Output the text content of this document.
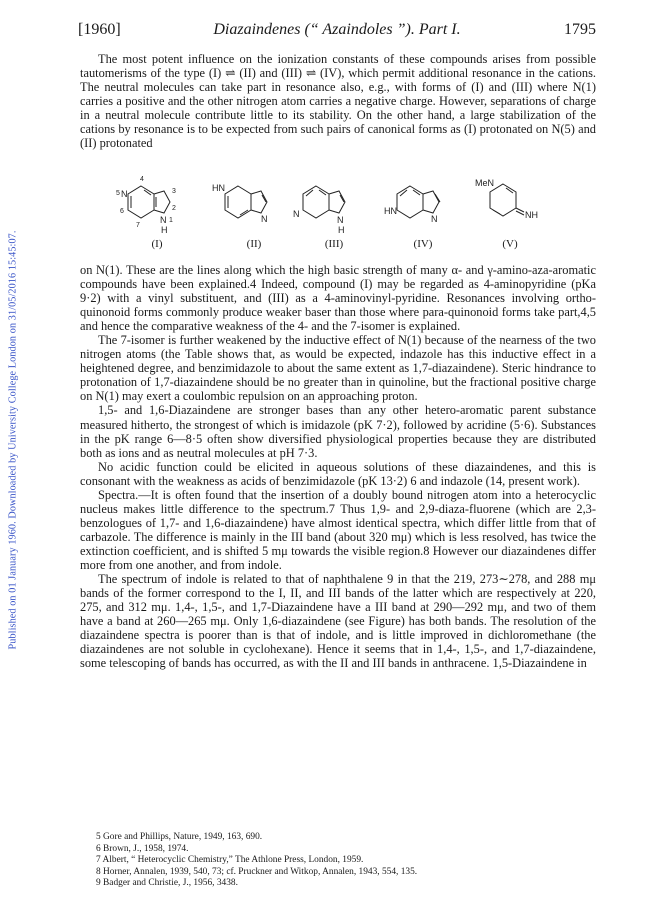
Published on 01 January 1960. Downloaded by University College London on 31/05/2016 15:45:07.
[1960]	Diazaindenes (“ Azaindoles ”). Part I.	1795

The most potent influence on the ionization constants of these compounds arises from possible tautomerisms of the type (I) ⇌ (II) and (III) ⇌ (IV), which permit additional resonance in the cations. The neutral molecules can take part in resonance also, e.g., with forms of (I) and (III) where N(1) carries a positive and the other nitrogen atom carries a negative charge. However, separations of charge in a neutral molecule contribute little to its stability. On the other hand, a large stabilization of the cations by resonance is to be expected from such pairs of canonical forms as (I) protonated on N(5) and (II) protonated

4
N
5
6
7
3
2
N 1
H
HN
N	N
N
H
HN
N
MeN
NH
(I)	(II)	(III)	(IV)	(V)

on N(1). These are the lines along which the high basic strength of many α- and γ-amino-aza-aromatic compounds have been explained.4 Indeed, compound (I) may be regarded as 4-aminopyridine (pKa 9·2) with a vinyl substituent, and (III) as a 4-aminovinyl-pyridine. Resonances involving ortho-quinonoid forms commonly produce weaker baser than those where para-quinonoid forms take part,4,5 and hence the comparative weakness of the 4- and the 7-isomer is explained.

The 7-isomer is further weakened by the inductive effect of N(1) because of the nearness of the two nitrogen atoms (the Table shows that, as would be expected, indazole has this inductive effect in a heightened degree, and benzimidazole to about the same extent as 1,7-diazaindene). Steric hindrance to protonation of 1,7-diazaindene should be no greater than in quinoline, but the fractional positive charge on N(1) may exert a coulombic repulsion on an approaching proton.

1,5- and 1,6-Diazaindene are stronger bases than any other hetero-aromatic parent substance measured hitherto, the strongest of which is imidazole (pK 7·2), followed by acridine (5·6). Substances in the pK range 6—8·5 often show diversified physiological properties because they are distributed both as ions and as neutral molecules at pH 7·3.

No acidic function could be elicited in aqueous solutions of these diazaindenes, and this is consonant with the weakness as acids of benzimidazole (pK 13·2) 6 and indazole (14, present work).

Spectra.—It is often found that the insertion of a doubly bound nitrogen atom into a heterocyclic nucleus makes little difference to the spectrum.7 Thus 1,9- and 2,9-diaza-fluorene (which are 2,3-benzologues of 1,7- and 1,6-diazaindene) have almost identical spectra, which differ little from that of carbazole. The difference is mainly in the III band (about 320 mμ) which is less resolved, has twice the extinction coefficient, and is shifted 5 mμ towards the visible region.8 However our diazaindenes differ more from one another, and from indole.

The spectrum of indole is related to that of naphthalene 9 in that the 219, 273∼278, and 288 mμ bands of the former correspond to the I, II, and III bands of the latter which are respectively at 220, 275, and 312 mμ. 1,4-, 1,5-, and 1,7-Diazaindene have a III band at 290—292 mμ, and two of them have a band at 260—265 mμ. Only 1,6-diazaindene (see Figure) has both bands. The resolution of the diazaindene spectra is poorer than is that of indole, and is little improved in dichloromethane (the diazaindenes are not soluble in cyclohexane). Hence it seems that in 1,4-, 1,5-, and 1,7-diazaindene, some telescoping of bands has occurred, as with the II and III bands in anthracene. 1,5-Diazaindene in

5 Gore and Phillips, Nature, 1949, 163, 690.
6 Brown, J., 1958, 1974.
7 Albert, “ Heterocyclic Chemistry,” The Athlone Press, London, 1959.
8 Horner, Annalen, 1939, 540, 73; cf. Pruckner and Witkop, Annalen, 1943, 554, 135.
9 Badger and Christie, J., 1956, 3438.
